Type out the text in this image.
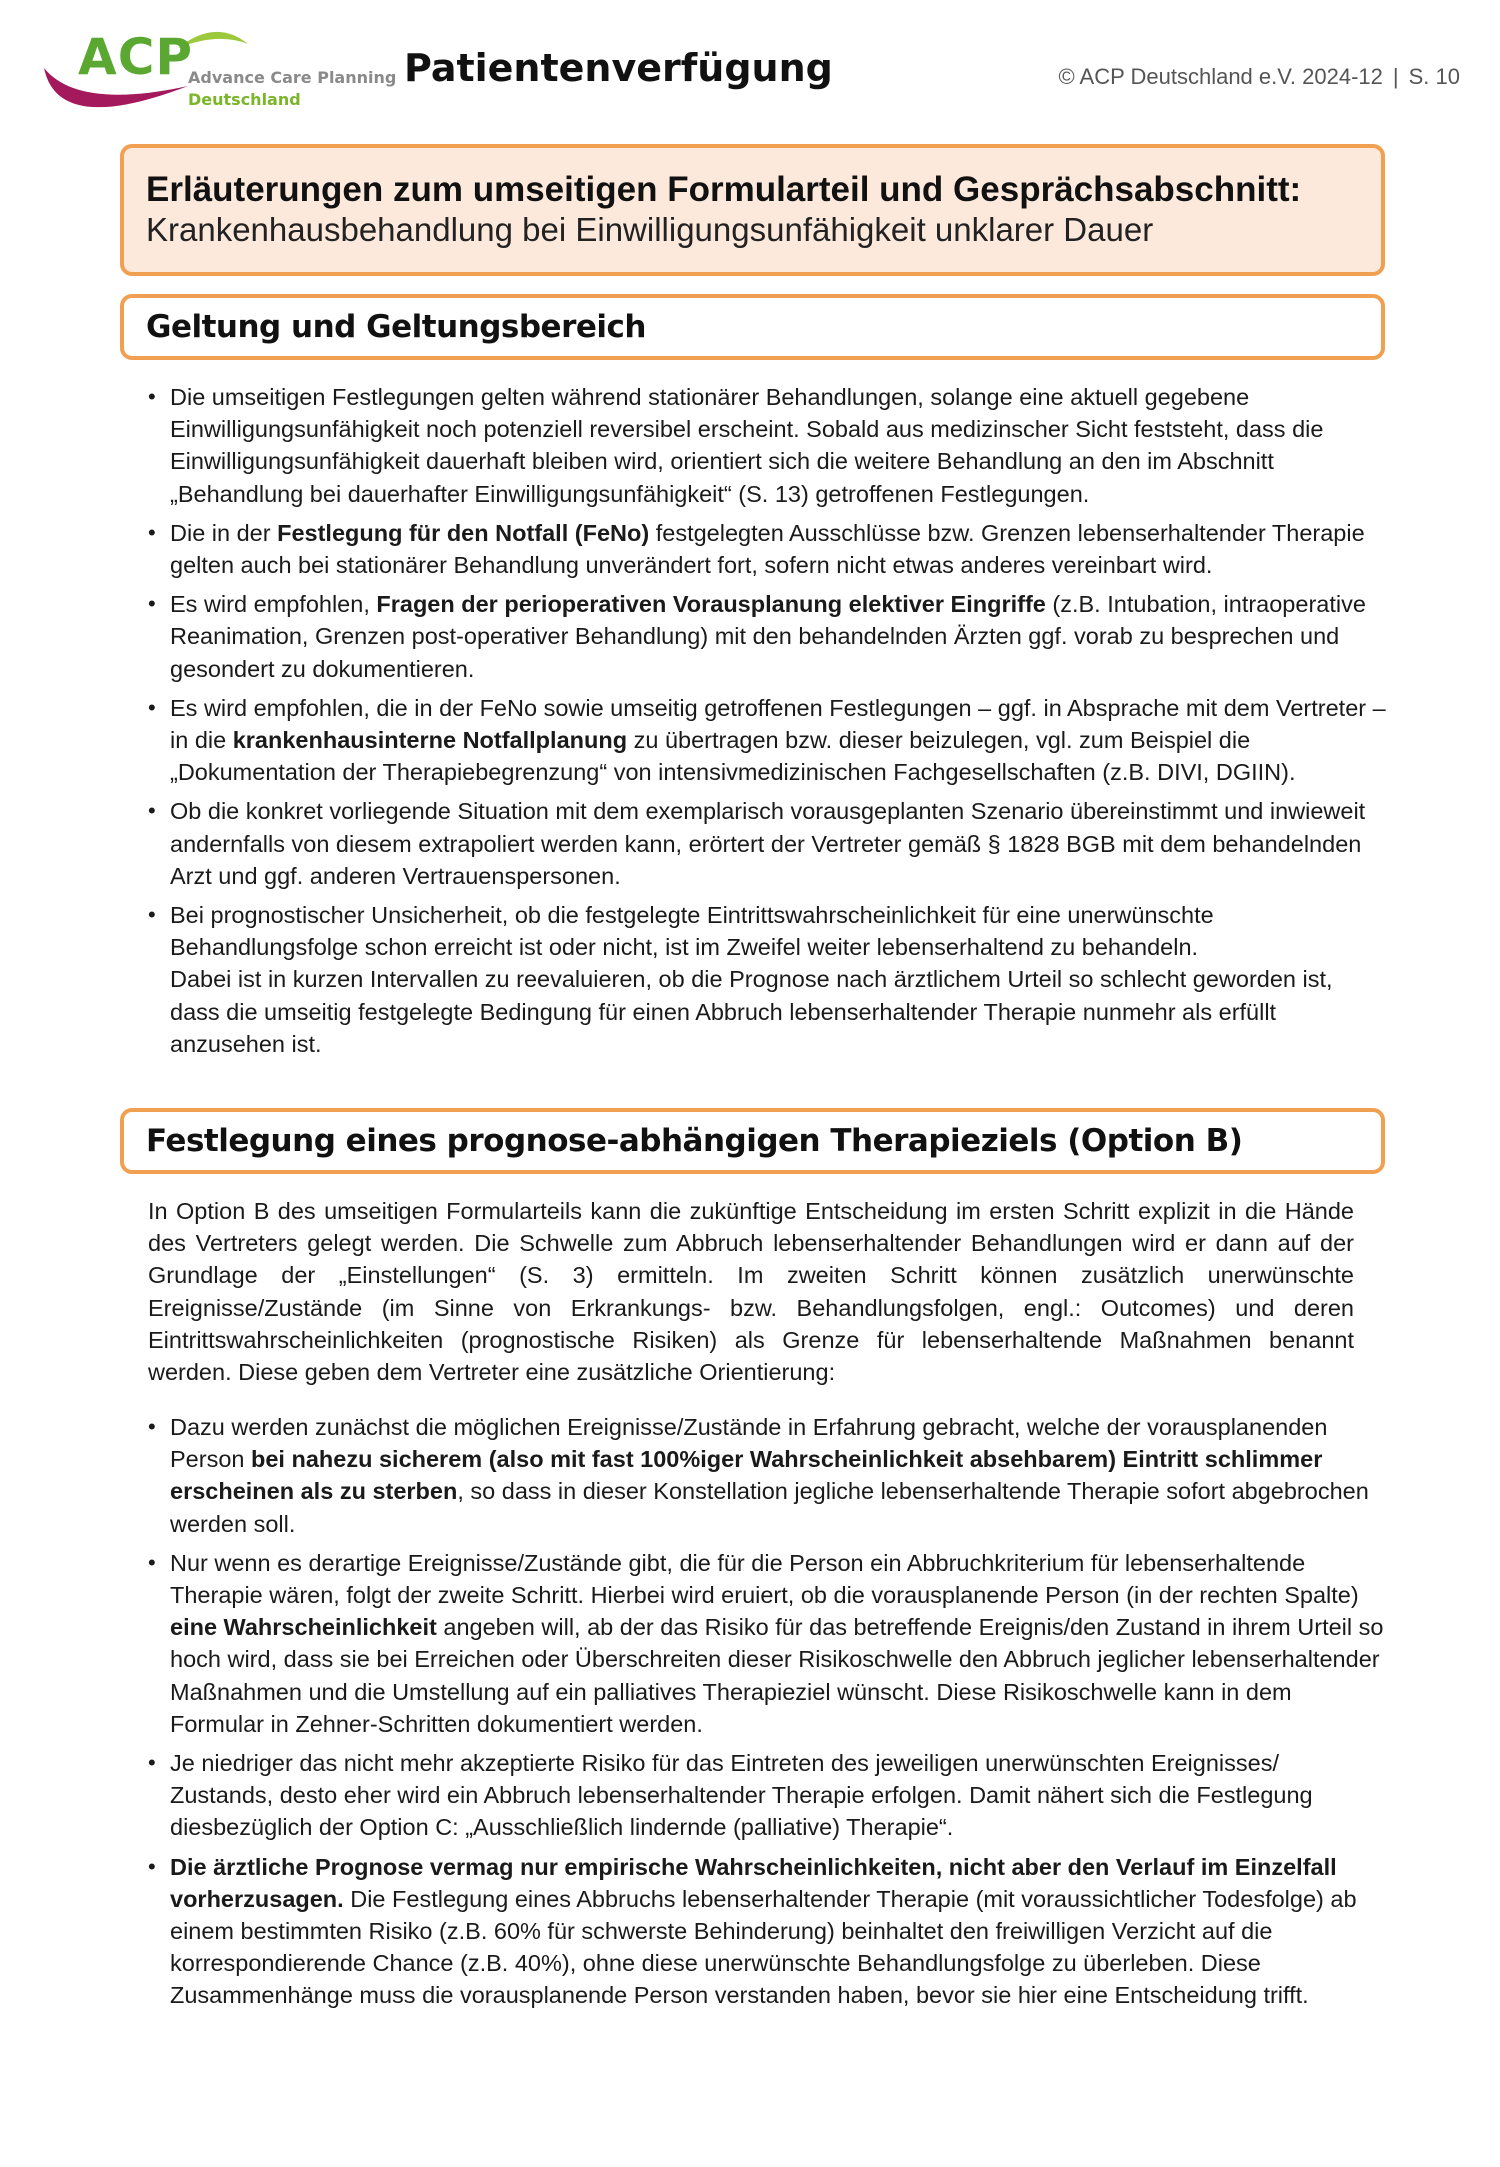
ACP
Advance Care Planning
Deutschland
Patientenverfügung	© ACP Deutschland e.V. 2024-12 | S. 10
Erläuterungen zum umseitigen Formularteil und Gesprächsabschnitt:
Krankenhausbehandlung bei Einwilligungsunfähigkeit unklarer Dauer
Geltung und Geltungsbereich
• Die umseitigen Festlegungen gelten während stationärer Behandlungen, solange eine aktuell gegebene Einwilligungsunfähigkeit noch potenziell reversibel erscheint. Sobald aus medizinscher Sicht feststeht, dass die Einwilligungsunfähigkeit dauerhaft bleiben wird, orientiert sich die weitere Behandlung an den im Abschnitt „Behandlung bei dauerhafter Einwilligungsunfähigkeit“ (S. 13) getroffenen Festlegungen.
• Die in der Festlegung für den Notfall (FeNo) festgelegten Ausschlüsse bzw. Grenzen lebenserhaltender Therapie gelten auch bei stationärer Behandlung unverändert fort, sofern nicht etwas anderes vereinbart wird.
• Es wird empfohlen, Fragen der perioperativen Vorausplanung elektiver Eingriffe (z.B. Intubation, intraoperative Reanimation, Grenzen post-operativer Behandlung) mit den behandelnden Ärzten ggf. vorab zu besprechen und gesondert zu dokumentieren.
• Es wird empfohlen, die in der FeNo sowie umseitig getroffenen Festlegungen – ggf. in Absprache mit dem Vertreter – in die krankenhausinterne Notfallplanung zu übertragen bzw. dieser beizulegen, vgl. zum Beispiel die „Dokumentation der Therapiebegrenzung“ von intensivmedizinischen Fachgesellschaften (z.B. DIVI, DGIIN).
• Ob die konkret vorliegende Situation mit dem exemplarisch vorausgeplanten Szenario übereinstimmt und inwieweit andernfalls von diesem extrapoliert werden kann, erörtert der Vertreter gemäß § 1828 BGB mit dem behandelnden Arzt und ggf. anderen Vertrauenspersonen.
• Bei prognostischer Unsicherheit, ob die festgelegte Eintrittswahrscheinlichkeit für eine unerwünschte Behandlungsfolge schon erreicht ist oder nicht, ist im Zweifel weiter lebenserhaltend zu behandeln.
Dabei ist in kurzen Intervallen zu reevaluieren, ob die Prognose nach ärztlichem Urteil so schlecht geworden ist, dass die umseitig festgelegte Bedingung für einen Abbruch lebenserhaltender Therapie nunmehr als erfüllt anzusehen ist.
Festlegung eines prognose-abhängigen Therapieziels (Option B)

In Option B des umseitigen Formularteils kann die zukünftige Entscheidung im ersten Schritt explizit in die Hände des Vertreters gelegt werden. Die Schwelle zum Abbruch lebenserhaltender Behandlungen wird er dann auf der Grundlage der „Einstellungen“ (S. 3) ermitteln. Im zweiten Schritt können zusätzlich unerwünschte Ereignisse/Zustände (im Sinne von Erkrankungs- bzw. Behandlungsfolgen, engl.: Outcomes) und deren Eintrittswahrscheinlichkeiten (prognostische Risiken) als Grenze für lebenserhaltende Maßnahmen benannt werden. Diese geben dem Vertreter eine zusätzliche Orientierung:

• Dazu werden zunächst die möglichen Ereignisse/Zustände in Erfahrung gebracht, welche der vorausplanenden Person bei nahezu sicherem (also mit fast 100%iger Wahrscheinlichkeit absehbarem) Eintritt schlimmer erscheinen als zu sterben, so dass in dieser Konstellation jegliche lebenserhaltende Therapie sofort abgebrochen werden soll.
• Nur wenn es derartige Ereignisse/Zustände gibt, die für die Person ein Abbruchkriterium für lebenserhaltende Therapie wären, folgt der zweite Schritt. Hierbei wird eruiert, ob die vorausplanende Person (in der rechten Spalte) eine Wahrscheinlichkeit angeben will, ab der das Risiko für das betreffende Ereignis/den Zustand in ihrem Urteil so hoch wird, dass sie bei Erreichen oder Überschreiten dieser Risikoschwelle den Abbruch jeglicher lebenserhaltender Maßnahmen und die Umstellung auf ein palliatives Therapieziel wünscht. Diese Risikoschwelle kann in dem Formular in Zehner-Schritten dokumentiert werden.
• Je niedriger das nicht mehr akzeptierte Risiko für das Eintreten des jeweiligen unerwünschten Ereignisses/ Zustands, desto eher wird ein Abbruch lebenserhaltender Therapie erfolgen. Damit nähert sich die Festlegung diesbezüglich der Option C: „Ausschließlich lindernde (palliative) Therapie“.
• Die ärztliche Prognose vermag nur empirische Wahrscheinlichkeiten, nicht aber den Verlauf im Einzelfall vorherzusagen. Die Festlegung eines Abbruchs lebenserhaltender Therapie (mit voraussichtlicher Todesfolge) ab einem bestimmten Risiko (z.B. 60% für schwerste Behinderung) beinhaltet den freiwilligen Verzicht auf die korrespondierende Chance (z.B. 40%), ohne diese unerwünschte Behandlungsfolge zu überleben. Diese Zusammenhänge muss die vorausplanende Person verstanden haben, bevor sie hier eine Entscheidung trifft.
